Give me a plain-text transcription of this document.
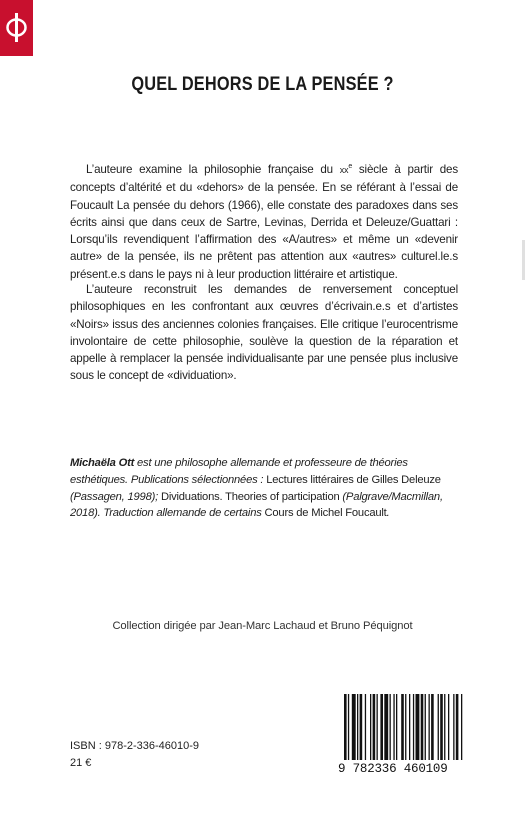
QUEL DEHORS DE LA PENSÉE ?
L’auteure examine la philosophie française du $xx^e$ siècle à partir des concepts d’altérité et du «dehors» de la pensée. En se référant à l’essai de Foucault La pensée du dehors (1966), elle constate des paradoxes dans ses écrits ainsi que dans ceux de Sartre, Levinas, Derrida et Deleuze/Guattari : Lorsqu’ils revendiquent l’affirmation des «A/autres» et même un «devenir autre» de la pensée, ils ne prêtent pas attention aux «autres» culturel.le.s présent.e.s dans le pays ni à leur production littéraire et artistique.
L’auteure reconstruit les demandes de renversement conceptuel philosophiques en les confrontant aux œuvres d’écrivain.e.s et d’artistes «Noirs» issus des anciennes colonies françaises. Elle critique l’eurocentrisme involontaire de cette philosophie, soulève la question de la réparation et appelle à remplacer la pensée individualisante par une pensée plus inclusive sous le concept de «dividuation».
Michaëla Ott est une philosophe allemande et professeure de théories esthétiques. Publications sélectionnées : Lectures littéraires de Gilles Deleuze (Passagen, 1998); Dividuations. Theories of participation (Palgrave/Macmillan, 2018). Traduction allemande de certains Cours de Michel Foucault.
Collection dirigée par Jean-Marc Lachaud et Bruno Péquignot
ISBN : 978-2-336-46010-9
21 €	9 782336 460109
